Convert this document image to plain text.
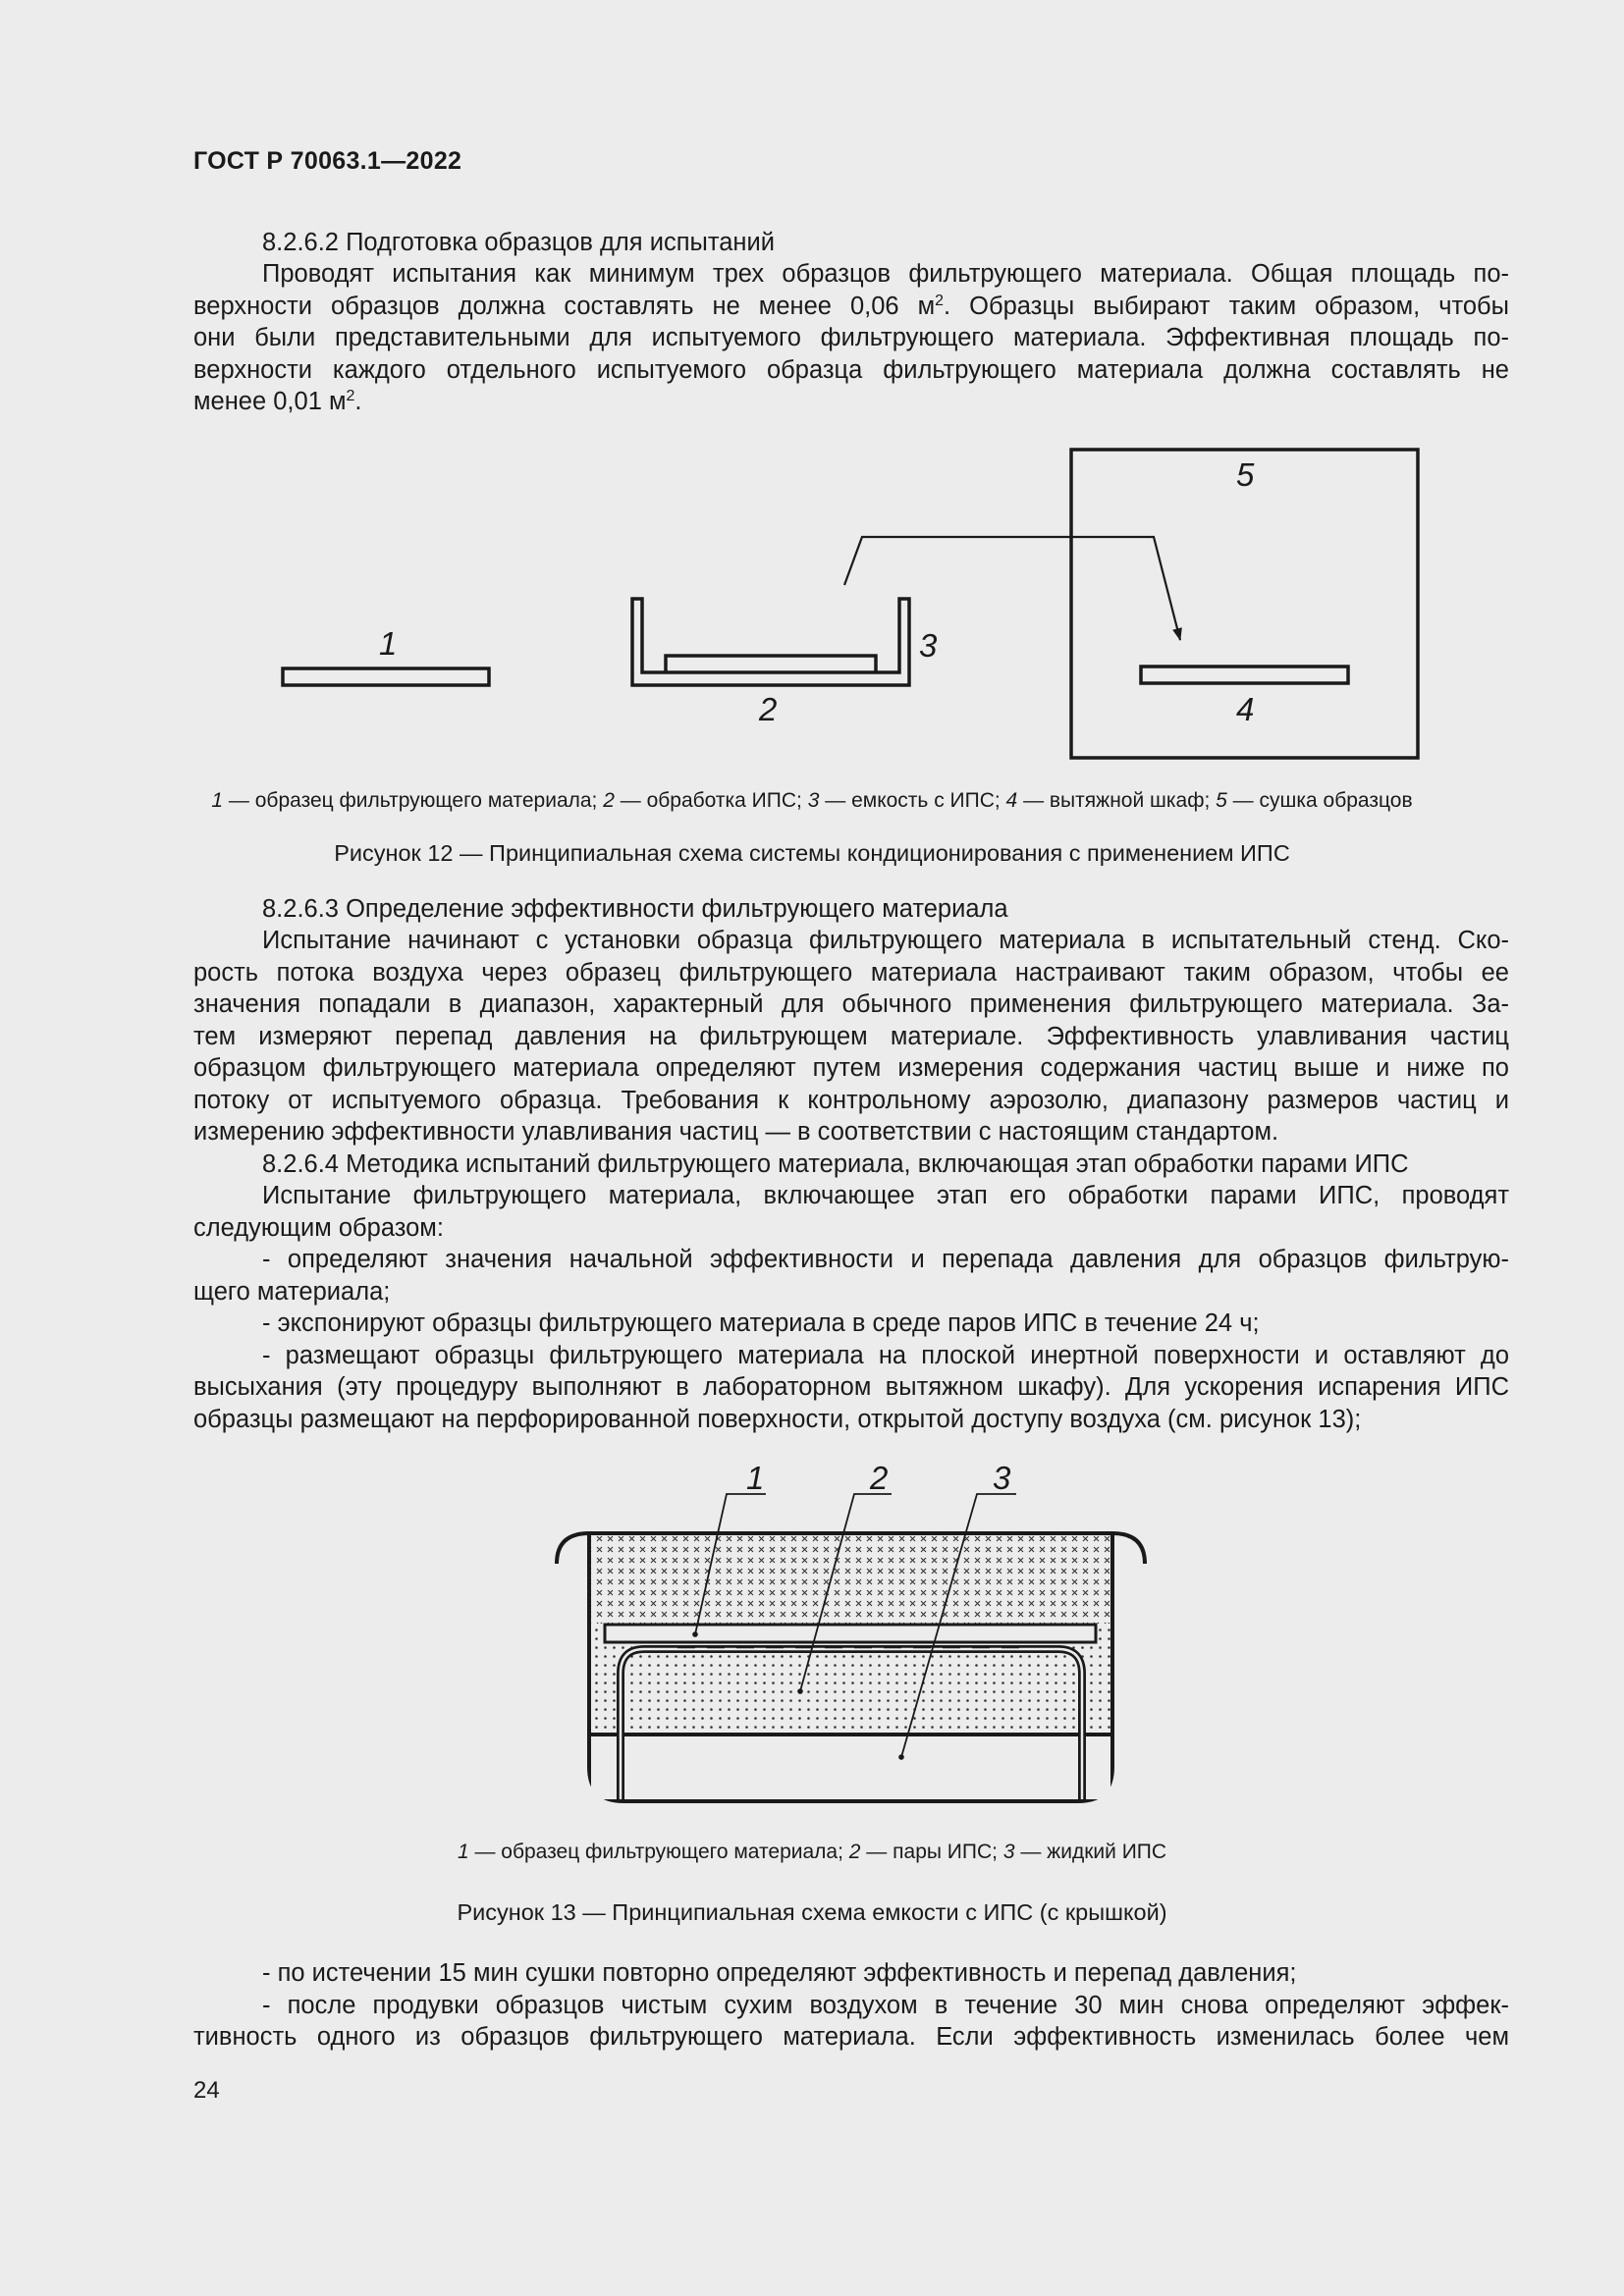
ГОСТ Р 70063.1—2022
8.2.6.2 Подготовка образцов для испытаний
Проводят испытания как минимум трех образцов фильтрующего материала. Общая площадь по-
верхности образцов должна составлять не менее 0,06 $м^2$. Образцы выбирают таким образом, чтобы
они были представительными для испытуемого фильтрующего материала. Эффективная площадь по-
верхности каждого отдельного испытуемого образца фильтрующего материала должна составлять не
менее 0,01 $м^2$.
1
2
3
4
5
1 — образец фильтрующего материала; 2 — обработка ИПС; 3 — емкость с ИПС; 4 — вытяжной шкаф; 5 — сушка образцов
Рисунок 12 — Принципиальная схема системы кондиционирования с применением ИПС
8.2.6.3 Определение эффективности фильтрующего материала
Испытание начинают с установки образца фильтрующего материала в испытательный стенд. Ско-
рость потока воздуха через образец фильтрующего материала настраивают таким образом, чтобы ее
значения попадали в диапазон, характерный для обычного применения фильтрующего материала. За-
тем измеряют перепад давления на фильтрующем материале. Эффективность улавливания частиц
образцом фильтрующего материала определяют путем измерения содержания частиц выше и ниже по
потоку от испытуемого образца. Требования к контрольному аэрозолю, диапазону размеров частиц и
измерению эффективности улавливания частиц — в соответствии с настоящим стандартом.
8.2.6.4 Методика испытаний фильтрующего материала, включающая этап обработки парами ИПС
Испытание фильтрующего материала, включающее этап его обработки парами ИПС, проводят
следующим образом:
- определяют значения начальной эффективности и перепада давления для образцов фильтрую-
щего материала;
- экспонируют образцы фильтрующего материала в среде паров ИПС в течение 24 ч;
- размещают образцы фильтрующего материала на плоской инертной поверхности и оставляют до
высыхания (эту процедуру выполняют в лабораторном вытяжном шкафу). Для ускорения испарения ИПС
образцы размещают на перфорированной поверхности, открытой доступу воздуха (см. рисунок 13);
1	2	3
1 — образец фильтрующего материала; 2 — пары ИПС; 3 — жидкий ИПС
Рисунок 13 — Принципиальная схема емкости с ИПС (с крышкой)
- по истечении 15 мин сушки повторно определяют эффективность и перепад давления;
- после продувки образцов чистым сухим воздухом в течение 30 мин снова определяют эффек-
тивность одного из образцов фильтрующего материала. Если эффективность изменилась более чем
24
